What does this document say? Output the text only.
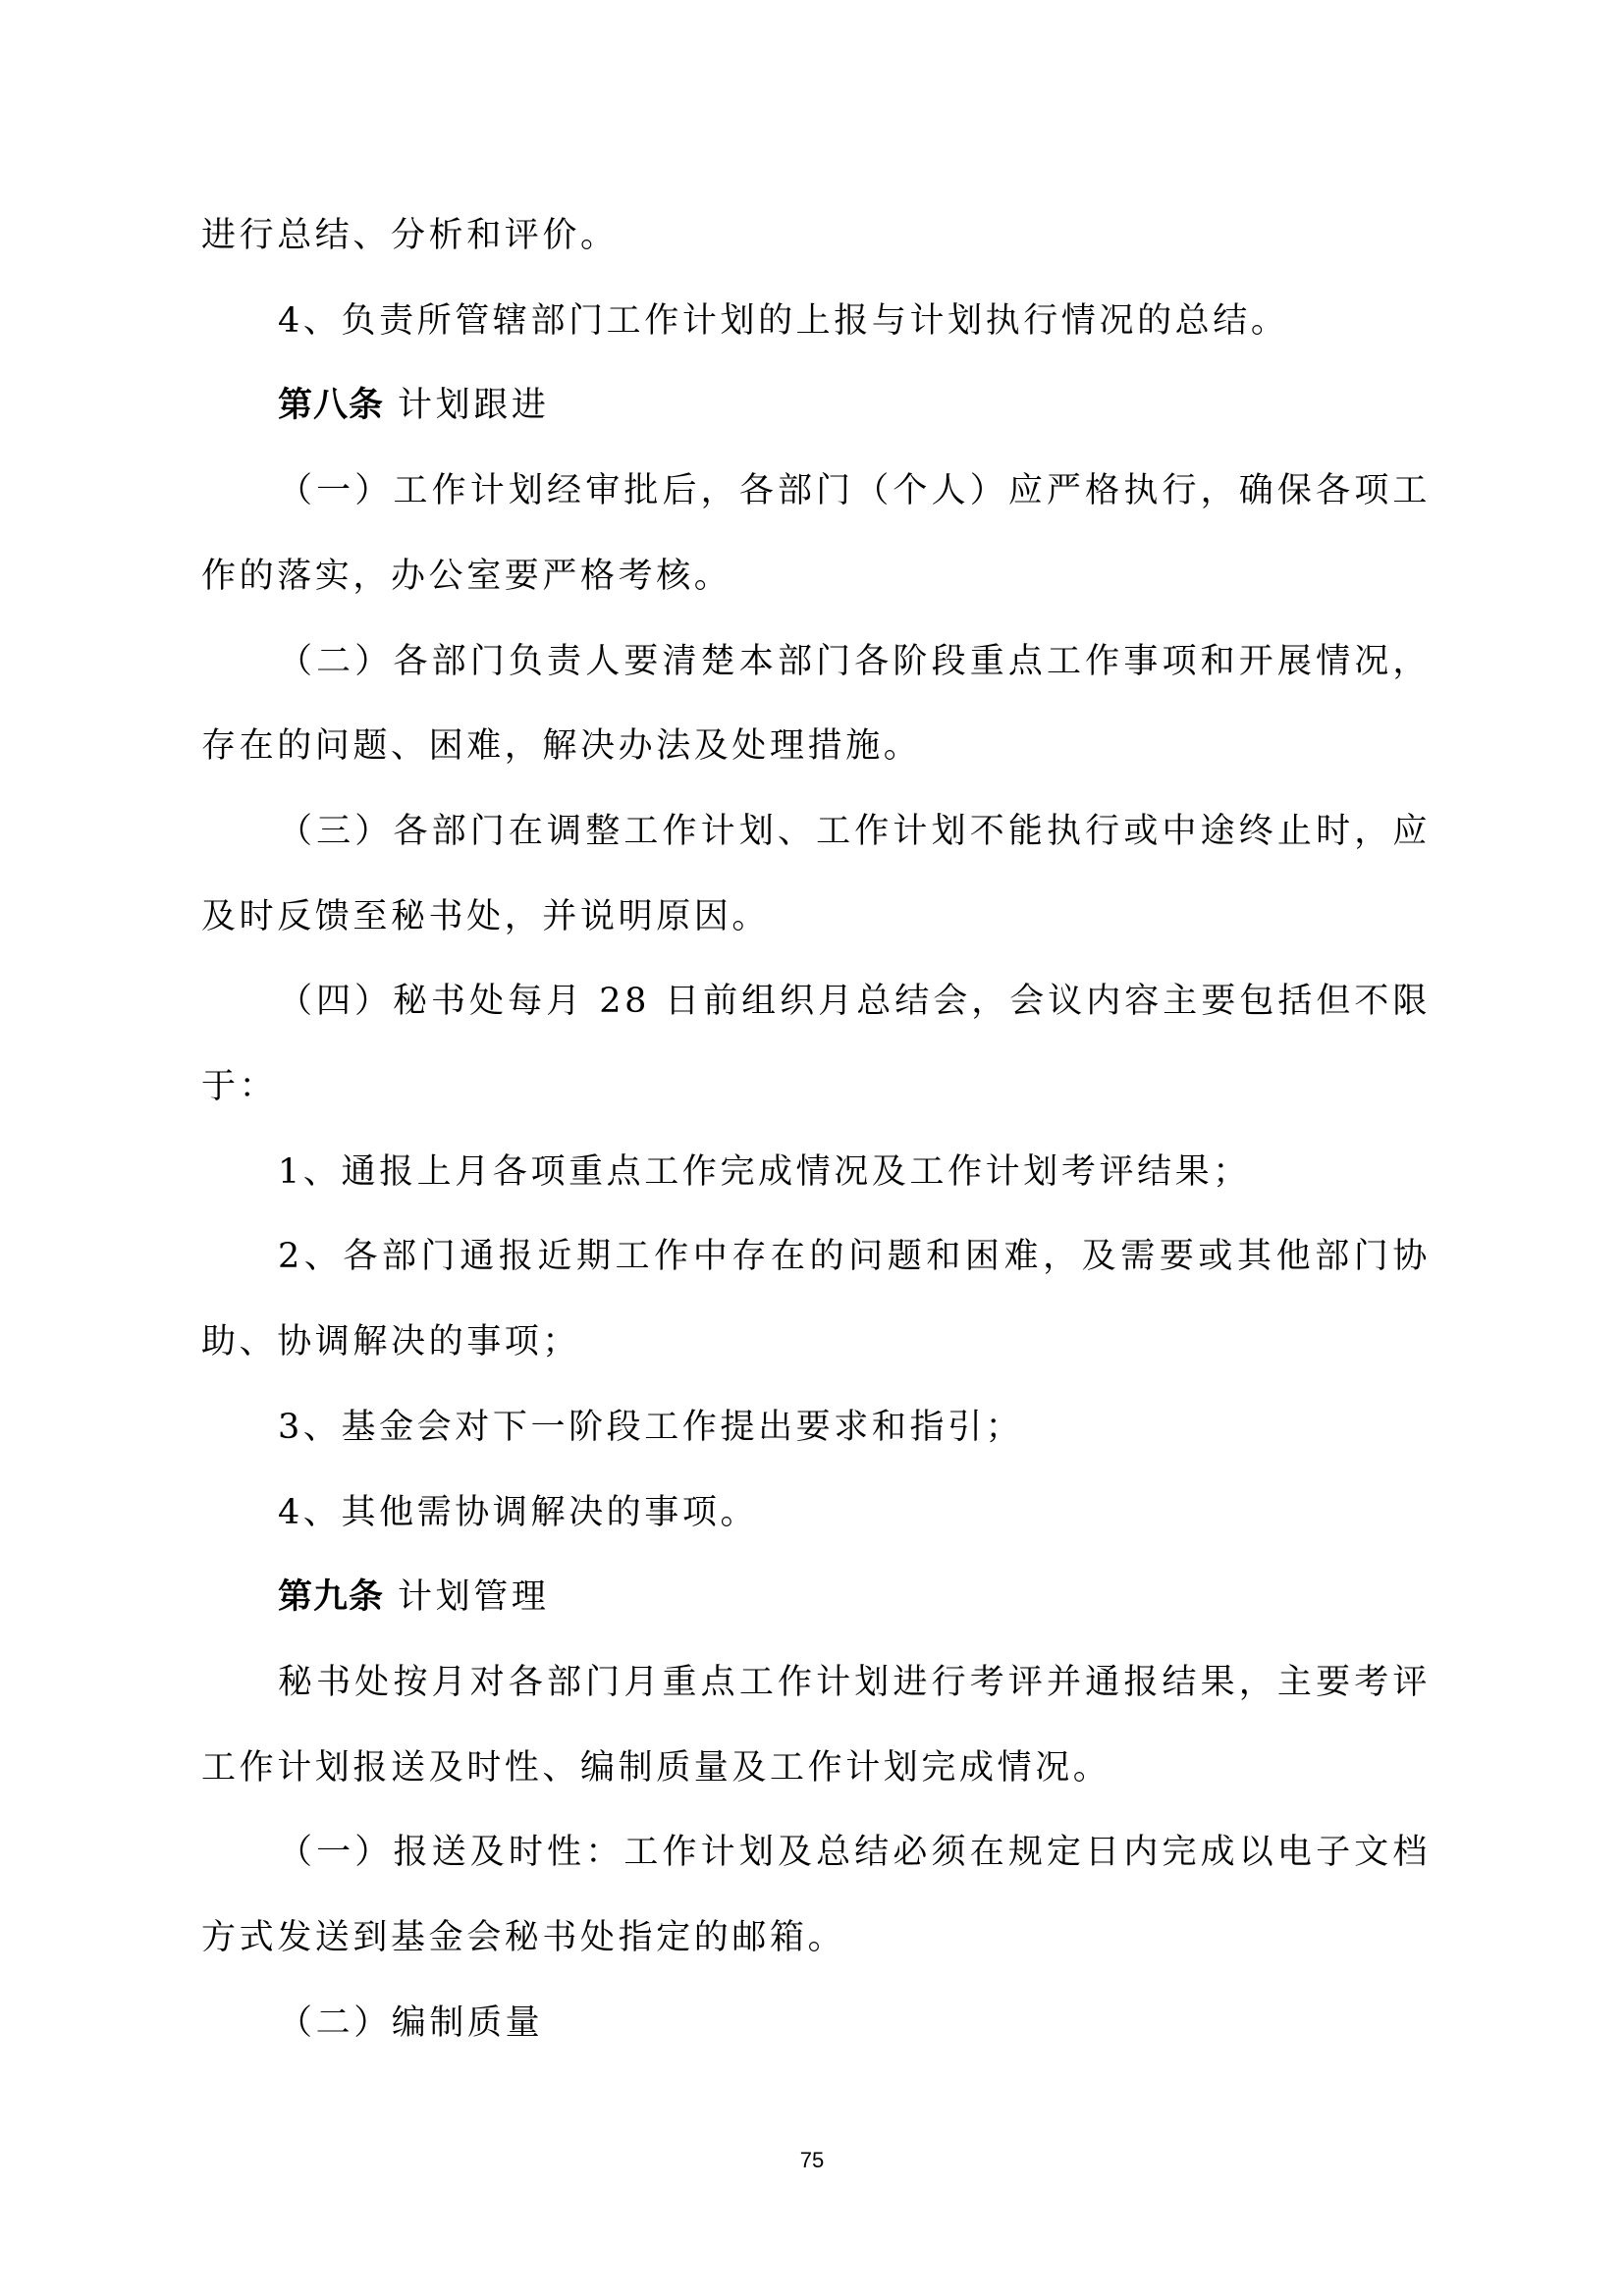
进行总结、分析和评价。

4、负责所管辖部门工作计划的上报与计划执行情况的总结。

第八条 计划跟进

（一）工作计划经审批后，各部门（个人）应严格执行，确保各项工作的落实，办公室要严格考核。

（二）各部门负责人要清楚本部门各阶段重点工作事项和开展情况，存在的问题、困难，解决办法及处理措施。

（三）各部门在调整工作计划、工作计划不能执行或中途终止时，应及时反馈至秘书处，并说明原因。

（四）秘书处每月 28 日前组织月总结会，会议内容主要包括但不限于：

1、通报上月各项重点工作完成情况及工作计划考评结果；

2、各部门通报近期工作中存在的问题和困难，及需要或其他部门协助、协调解决的事项；

3、基金会对下一阶段工作提出要求和指引；

4、其他需协调解决的事项。

第九条 计划管理

秘书处按月对各部门月重点工作计划进行考评并通报结果，主要考评工作计划报送及时性、编制质量及工作计划完成情况。

（一）报送及时性：工作计划及总结必须在规定日内完成以电子文档方式发送到基金会秘书处指定的邮箱。

（二）编制质量

75
